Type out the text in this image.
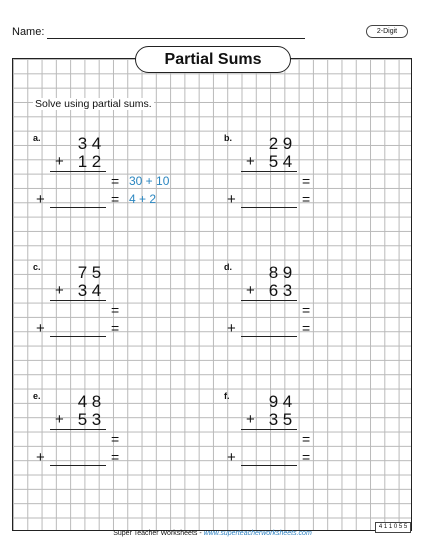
Name:	2-Digit
Partial Sums
Solve using partial sums.
a. 3 4
+ 1 2
= 30 + 10
+	= 4 + 2
b. 2 9
+ 5 4
=
+	=
c. 7 5
+ 3 4
=
+	=
d. 8 9
+ 6 3
=
+	=
e. 4 8
+ 5 3
=
+	=
f. 9 4
+ 3 5
=
+	=
Super Teacher Worksheets - www.superteacherworksheets.com
4 1 1 0 5 5
